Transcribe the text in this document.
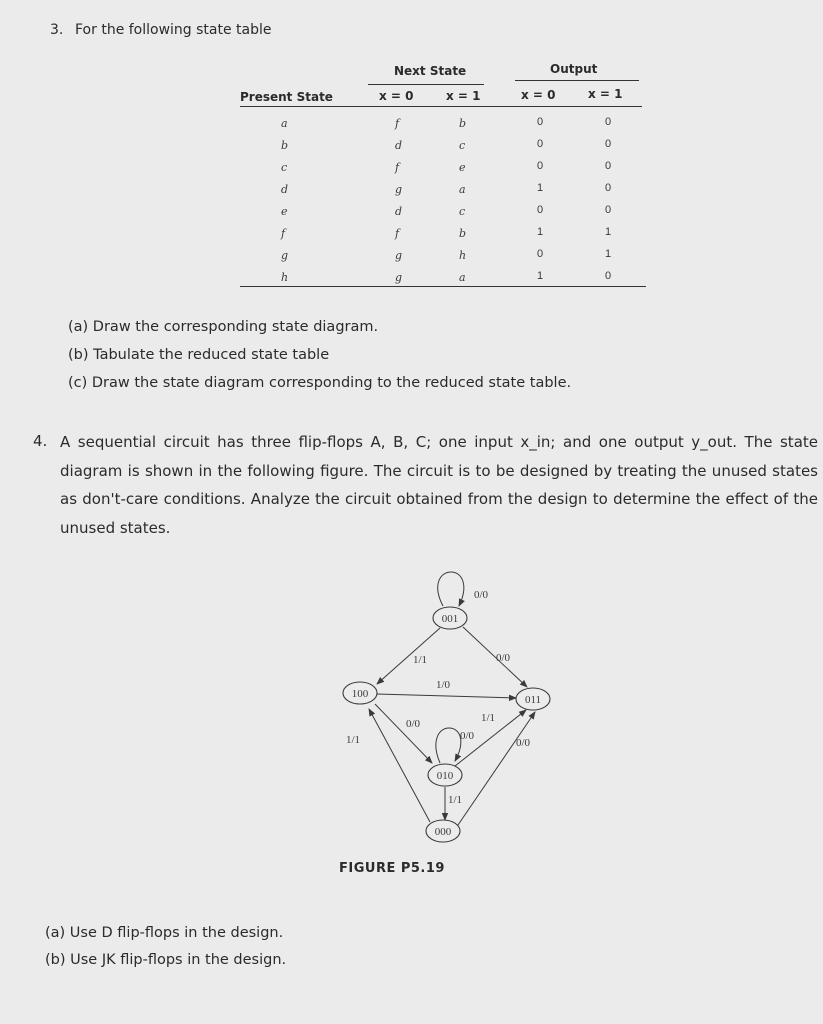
3. For the following state table
Next State	Output
Present State	x = 0	x = 1	x = 0	x = 1
a	f	b	0	0
b	d	c	0	0
c	f	e	0	0
d	g	a	1	0
e	d	c	0	0
f	f	b	1	1
g	g	h	0	1
h	g	a	1	0
(a) Draw the corresponding state diagram.
(b) Tabulate the reduced state table
(c) Draw the state diagram corresponding to the reduced state table.
4. A sequential circuit has three flip-flops A, B, C; one input x_in; and one output y_out. The state diagram is shown in the following figure. The circuit is to be designed by treating the unused states as don't-care conditions. Analyze the circuit obtained from the design to determine the effect of the unused states.
001
100	011
010
000
0/0
1/1	0/0
1/0
0/0
1/1
1/1
0/0
0/0
1/1
FIGURE P5.19
(a) Use D flip-flops in the design.
(b) Use JK flip-flops in the design.
